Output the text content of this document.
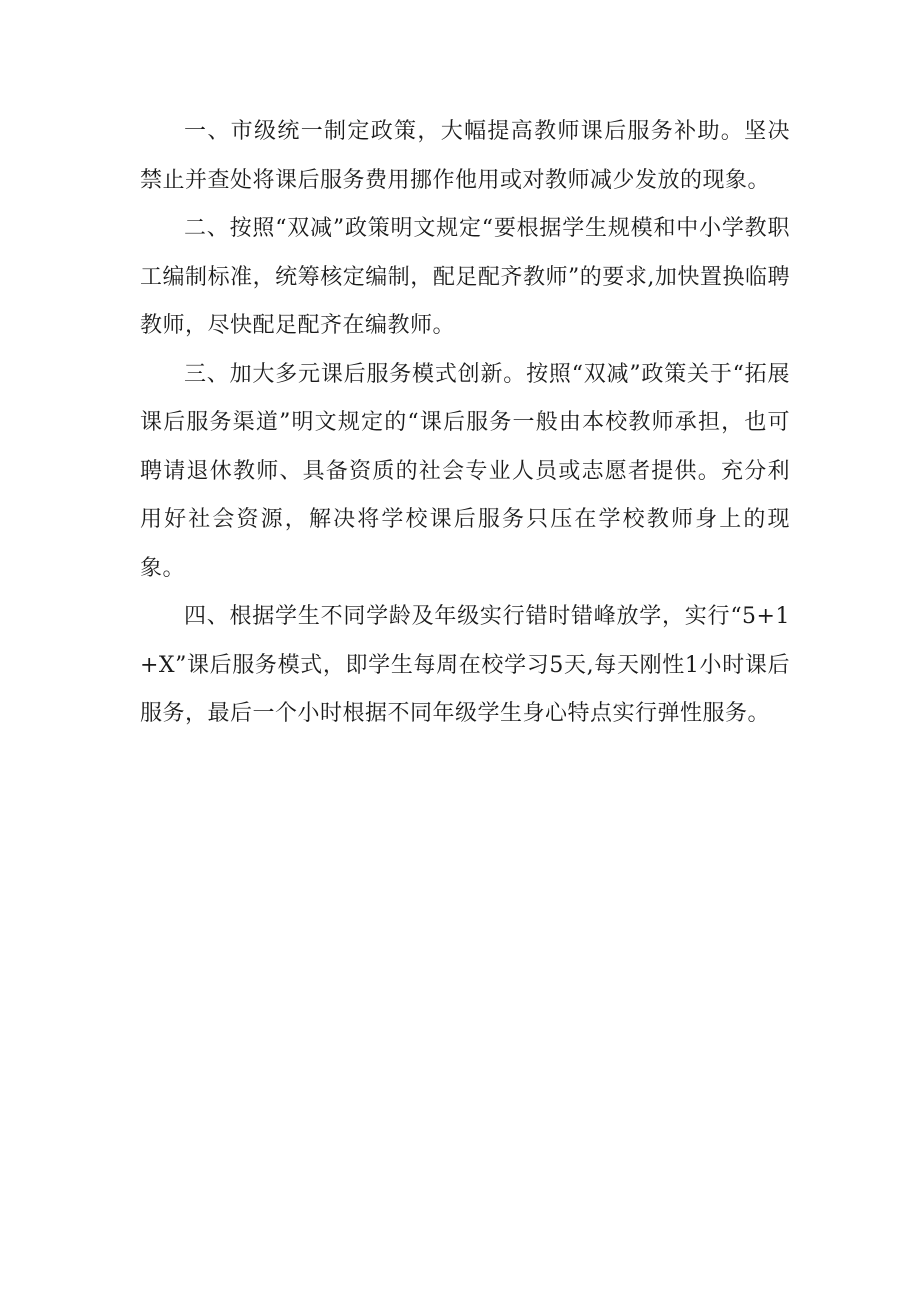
一、市级统一制定政策，大幅提高教师课后服务补助。坚决禁止并查处将课后服务费用挪作他用或对教师减少发放的现象。

二、按照“双减”政策明文规定“要根据学生规模和中小学教职工编制标准，统筹核定编制，配足配齐教师”的要求,加快置换临聘教师，尽快配足配齐在编教师。

三、加大多元课后服务模式创新。按照“双减”政策关于“拓展课后服务渠道”明文规定的“课后服务一般由本校教师承担，也可聘请退休教师、具备资质的社会专业人员或志愿者提供。充分利用好社会资源，解决将学校课后服务只压在学校教师身上的现象。

四、根据学生不同学龄及年级实行错时错峰放学，实行“5+1+X”课后服务模式，即学生每周在校学习5天,每天刚性1小时课后服务，最后一个小时根据不同年级学生身心特点实行弹性服务。
